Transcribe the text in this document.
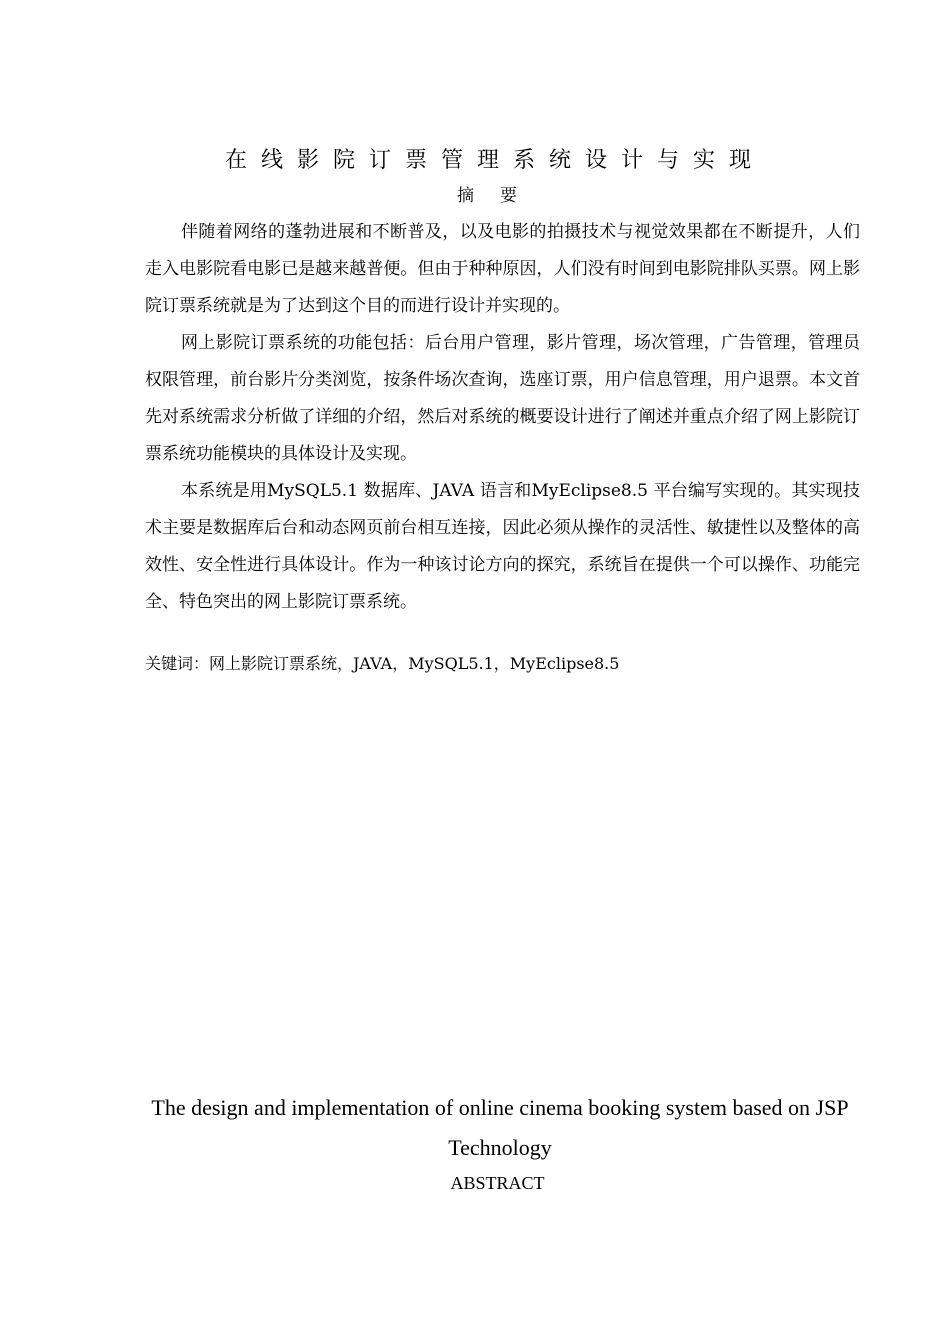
在线影院订票管理系统设计与实现
摘要

伴随着网络的蓬勃进展和不断普及，以及电影的拍摄技术与视觉效果都在不断提升，人们走入电影院看电影已是越来越普便。但由于种种原因，人们没有时间到电影院排队买票。网上影院订票系统就是为了达到这个目的而进行设计并实现的。

网上影院订票系统的功能包括：后台用户管理，影片管理，场次管理，广告管理，管理员权限管理，前台影片分类浏览，按条件场次查询，选座订票，用户信息管理，用户退票。本文首先对系统需求分析做了详细的介绍，然后对系统的概要设计进行了阐述并重点介绍了网上影院订票系统功能模块的具体设计及实现。

本系统是用MySQL5.1 数据库、JAVA 语言和MyEclipse8.5 平台编写实现的。其实现技术主要是数据库后台和动态网页前台相互连接，因此必须从操作的灵活性、敏捷性以及整体的高效性、安全性进行具体设计。作为一种该讨论方向的探究，系统旨在提供一个可以操作、功能完全、特色突出的网上影院订票系统。

关键词：网上影院订票系统，JAVA，MySQL5.1，MyEclipse8.5
The design and implementation of online cinema booking system based on JSP Technology
ABSTRACT
